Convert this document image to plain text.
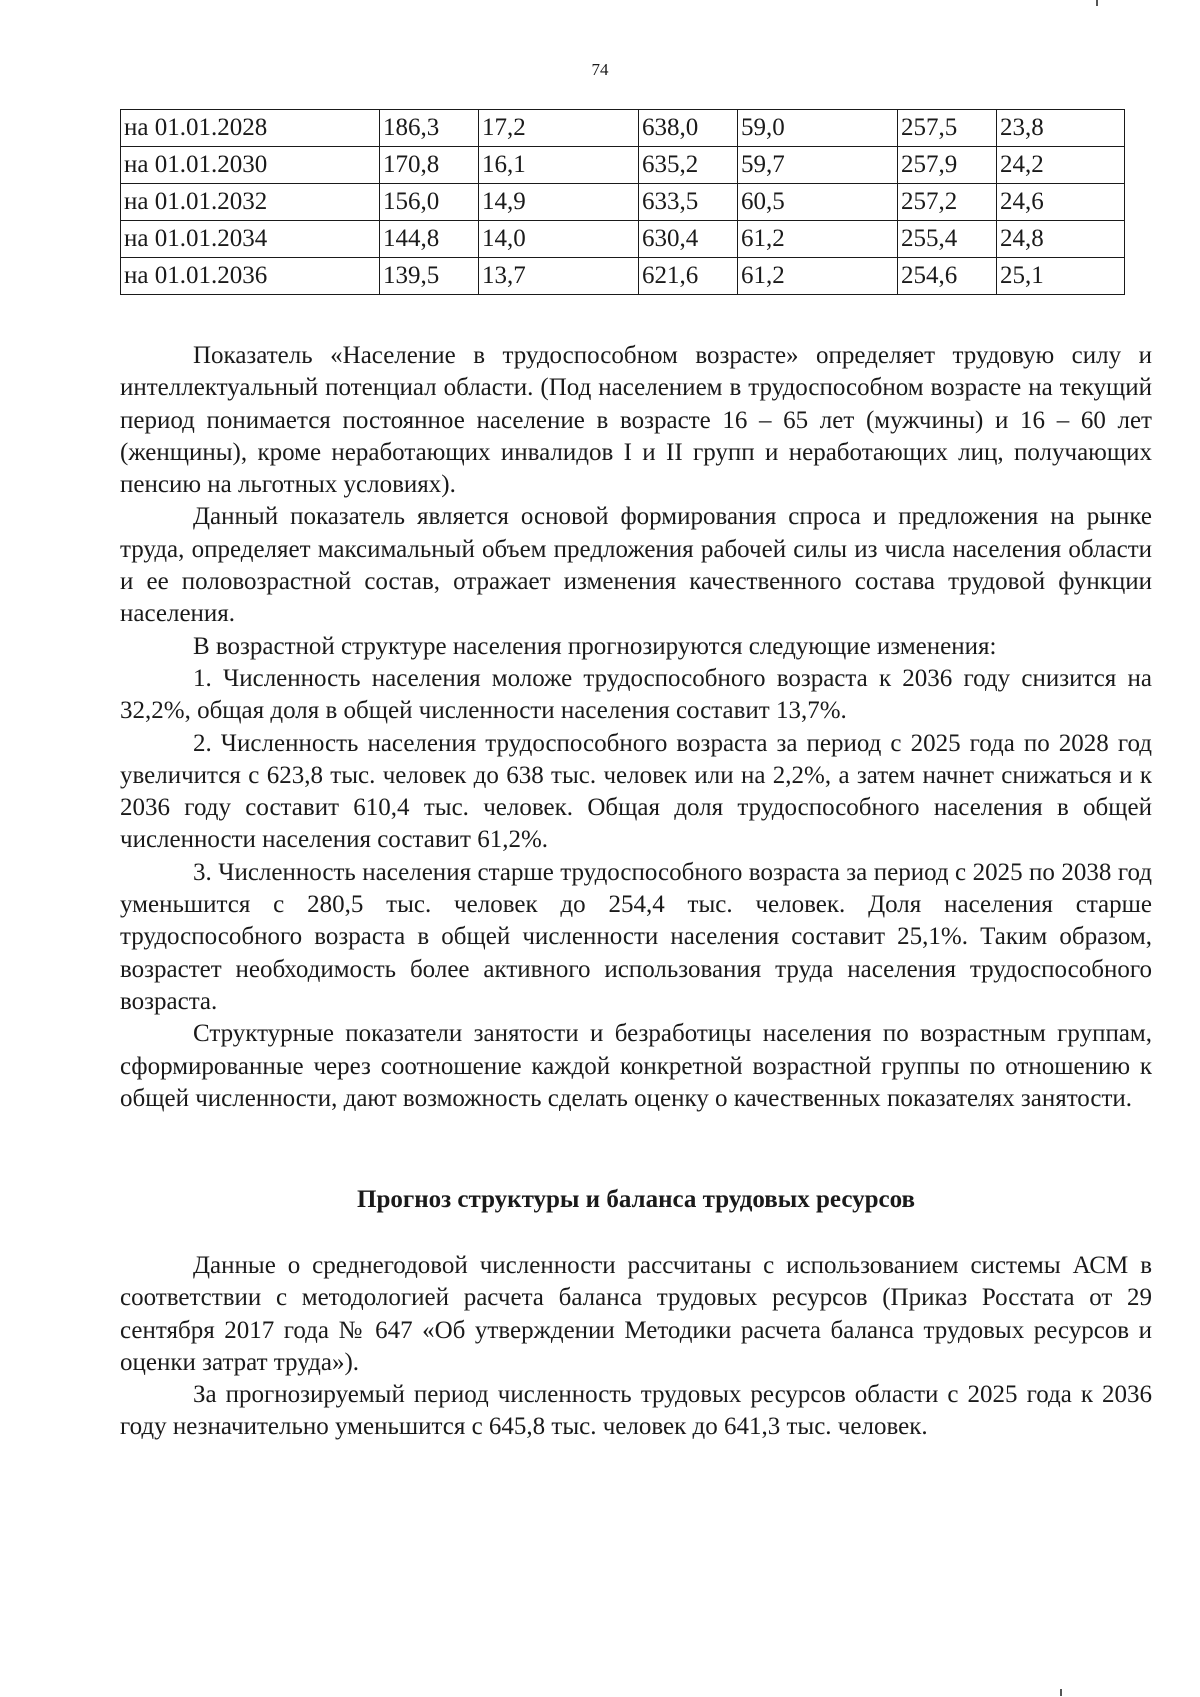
74
на 01.01.2028	186,3	17,2	638,0	59,0	257,5	23,8
на 01.01.2030	170,8	16,1	635,2	59,7	257,9	24,2
на 01.01.2032	156,0	14,9	633,5	60,5	257,2	24,6
на 01.01.2034	144,8	14,0	630,4	61,2	255,4	24,8
на 01.01.2036	139,5	13,7	621,6	61,2	254,6	25,1

Показатель «Население в трудоспособном возрасте» определяет трудовую силу и интеллектуальный потенциал области. (Под населением в трудоспособном возрасте на текущий период понимается постоянное население в возрасте 16 – 65 лет (мужчины) и 16 – 60 лет (женщины), кроме неработающих инвалидов I и II групп и неработающих лиц, получающих пенсию на льготных условиях).

Данный показатель является основой формирования спроса и предложения на рынке труда, определяет максимальный объем предложения рабочей силы из числа населения области и ее половозрастной состав, отражает изменения качественного состава трудовой функции населения.

В возрастной структуре населения прогнозируются следующие изменения:

1. Численность населения моложе трудоспособного возраста к 2036 году снизится на 32,2%, общая доля в общей численности населения составит 13,7%.

2. Численность населения трудоспособного возраста за период с 2025 года по 2028 год увеличится с 623,8 тыс. человек до 638 тыс. человек или на 2,2%, а затем начнет снижаться и к 2036 году составит 610,4 тыс. человек. Общая доля трудоспособного населения в общей численности населения составит 61,2%.

3. Численность населения старше трудоспособного возраста за период с 2025 по 2038 год уменьшится с 280,5 тыс. человек до 254,4 тыс. человек. Доля населения старше трудоспособного возраста в общей численности населения составит 25,1%. Таким образом, возрастет необходимость более активного использования труда населения трудоспособного возраста.

Структурные показатели занятости и безработицы населения по возрастным группам, сформированные через соотношение каждой конкретной возрастной группы по отношению к общей численности, дают возможность сделать оценку о качественных показателях занятости.

Прогноз структуры и баланса трудовых ресурсов

Данные о среднегодовой численности рассчитаны с использованием системы АСМ в соответствии с методологией расчета баланса трудовых ресурсов (Приказ Росстата от 29 сентября 2017 года № 647 «Об утверждении Методики расчета баланса трудовых ресурсов и оценки затрат труда»).

За прогнозируемый период численность трудовых ресурсов области с 2025 года к 2036 году незначительно уменьшится с 645,8 тыс. человек до 641,3 тыс. человек.
